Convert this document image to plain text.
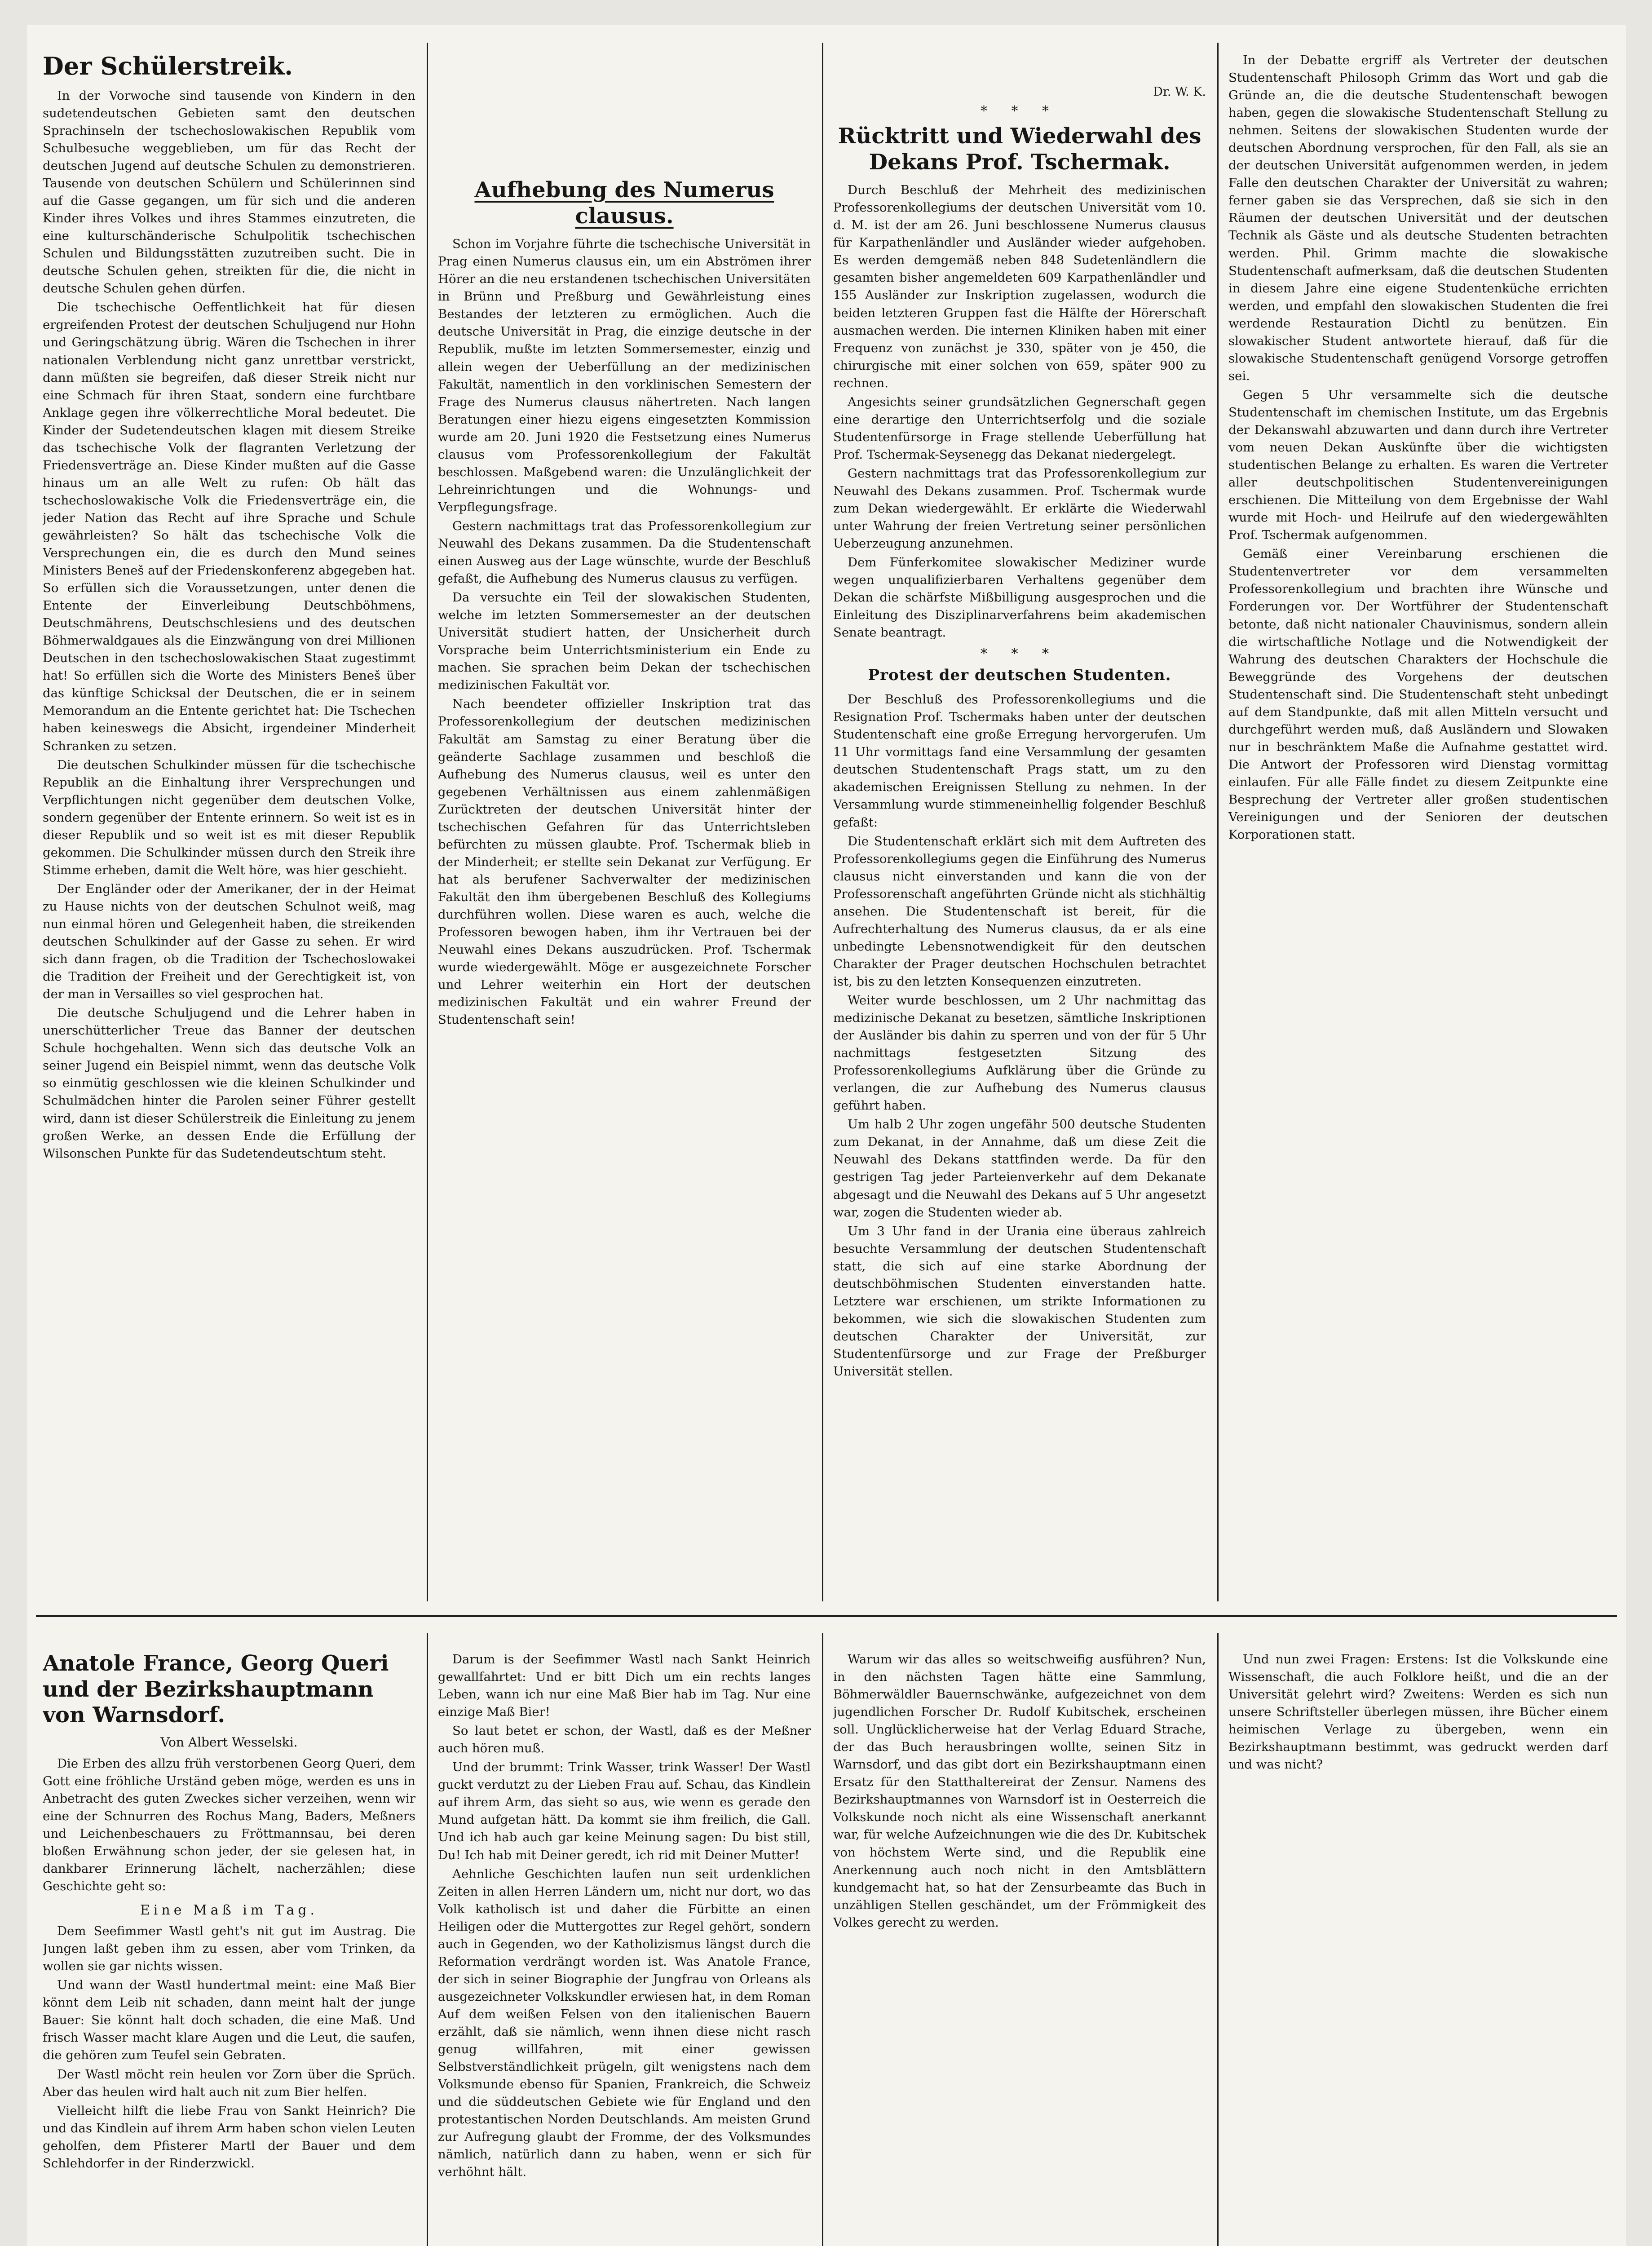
Der Schülerstreik.

In der Vorwoche sind tausende von Kindern in den sudetendeutschen Gebieten samt den deutschen Sprachinseln der tschechoslowakischen Republik vom Schulbesuche weggeblieben, um für das Recht der deutschen Jugend auf deutsche Schulen zu demonstrieren. Tausende von deutschen Schülern und Schülerinnen sind auf die Gasse gegangen, um für sich und die anderen Kinder ihres Volkes und ihres Stammes einzutreten, die eine kulturschänderische Schulpolitik tschechischen Schulen und Bildungsstätten zuzutreiben sucht. Die in deutsche Schulen gehen, streikten für die, die nicht in deutsche Schulen gehen dürfen.

Die tschechische Oeffentlichkeit hat für diesen ergreifenden Protest der deutschen Schuljugend nur Hohn und Geringschätzung übrig. Wären die Tschechen in ihrer nationalen Verblendung nicht ganz unrettbar verstrickt, dann müßten sie begreifen, daß dieser Streik nicht nur eine Schmach für ihren Staat, sondern eine furchtbare Anklage gegen ihre völkerrechtliche Moral bedeutet. Die Kinder der Sudetendeutschen klagen mit diesem Streike das tschechische Volk der flagranten Verletzung der Friedensverträge an. Diese Kinder mußten auf die Gasse hinaus um an alle Welt zu rufen: Ob hält das tschechoslowakische Volk die Friedensverträge ein, die jeder Nation das Recht auf ihre Sprache und Schule gewährleisten? So hält das tschechische Volk die Versprechungen ein, die es durch den Mund seines Ministers Beneš auf der Friedenskonferenz abgegeben hat. So erfüllen sich die Voraussetzungen, unter denen die Entente der Einverleibung Deutschböhmens, Deutschmährens, Deutschschlesiens und des deutschen Böhmerwaldgaues als die Einzwängung von drei Millionen Deutschen in den tschechoslowakischen Staat zugestimmt hat! So erfüllen sich die Worte des Ministers Beneš über das künftige Schicksal der Deutschen, die er in seinem Memorandum an die Entente gerichtet hat: Die Tschechen haben keineswegs die Absicht, irgendeiner Minderheit Schranken zu setzen.

Die deutschen Schulkinder müssen für die tschechische Republik an die Einhaltung ihrer Versprechungen und Verpflichtungen nicht gegenüber dem deutschen Volke, sondern gegenüber der Entente erinnern. So weit ist es in dieser Republik und so weit ist es mit dieser Republik gekommen. Die Schulkinder müssen durch den Streik ihre Stimme erheben, damit die Welt höre, was hier geschieht.

Der Engländer oder der Amerikaner, der in der Heimat zu Hause nichts von der deutschen Schulnot weiß, mag nun einmal hören und Gelegenheit haben, die streikenden deutschen Schulkinder auf der Gasse zu sehen. Er wird sich dann fragen, ob die Tradition der Tschechoslowakei die Tradition der Freiheit und der Gerechtigkeit ist, von der man in Versailles so viel gesprochen hat.

Die deutsche Schuljugend und die Lehrer haben in unerschütterlicher Treue das Banner der deutschen Schule hochgehalten. Wenn sich das deutsche Volk an seiner Jugend ein Beispiel nimmt, wenn das deutsche Volk so einmütig geschlossen wie die kleinen Schulkinder und Schulmädchen hinter die Parolen seiner Führer gestellt wird, dann ist dieser Schülerstreik die Einleitung zu jenem großen Werke, an dessen Ende die Erfüllung der Wilsonschen Punkte für das Sudetendeutschtum steht.

Aufhebung des Numerus clausus.

Schon im Vorjahre führte die tschechische Universität in Prag einen Numerus clausus ein, um ein Abströmen ihrer Hörer an die neu erstandenen tschechischen Universitäten in Brünn und Preßburg und Gewährleistung eines Bestandes der letzteren zu ermöglichen. Auch die deutsche Universität in Prag, die einzige deutsche in der Republik, mußte im letzten Sommersemester, einzig und allein wegen der Ueberfüllung an der medizinischen Fakultät, namentlich in den vorklinischen Semestern der Frage des Numerus clausus nähertreten. Nach langen Beratungen einer hiezu eigens eingesetzten Kommission wurde am 20. Juni 1920 die Festsetzung eines Numerus clausus vom Professorenkollegium der Fakultät beschlossen. Maßgebend waren: die Unzulänglichkeit der Lehreinrichtungen und die Wohnungs- und Verpflegungsfrage.

Gestern nachmittags trat das Professorenkollegium zur Neuwahl des Dekans zusammen. Da die Studentenschaft einen Ausweg aus der Lage wünschte, wurde der Beschluß gefaßt, die Aufhebung des Numerus clausus zu verfügen.

Da versuchte ein Teil der slowakischen Studenten, welche im letzten Sommersemester an der deutschen Universität studiert hatten, der Unsicherheit durch Vorsprache beim Unterrichtsministerium ein Ende zu machen. Sie sprachen beim Dekan der tschechischen medizinischen Fakultät vor.

Nach beendeter offizieller Inskription trat das Professorenkollegium der deutschen medizinischen Fakultät am Samstag zu einer Beratung über die geänderte Sachlage zusammen und beschloß die Aufhebung des Numerus clausus, weil es unter den gegebenen Verhältnissen aus einem zahlenmäßigen Zurücktreten der deutschen Universität hinter der tschechischen Gefahren für das Unterrichtsleben befürchten zu müssen glaubte. Prof. Tschermak blieb in der Minderheit; er stellte sein Dekanat zur Verfügung. Er hat als berufener Sachverwalter der medizinischen Fakultät den ihm übergebenen Beschluß des Kollegiums durchführen wollen. Diese waren es auch, welche die Professoren bewogen haben, ihm ihr Vertrauen bei der Neuwahl eines Dekans auszudrücken. Prof. Tschermak wurde wiedergewählt. Möge er ausgezeichnete Forscher und Lehrer weiterhin ein Hort der deutschen medizinischen Fakultät und ein wahrer Freund der Studentenschaft sein!

Dr. W. K.
* * *
Rücktritt und Wiederwahl des Dekans Prof. Tschermak.

Durch Beschluß der Mehrheit des medizinischen Professorenkollegiums der deutschen Universität vom 10. d. M. ist der am 26. Juni beschlossene Numerus clausus für Karpathenländler und Ausländer wieder aufgehoben. Es werden demgemäß neben 848 Sudetenländlern die gesamten bisher angemeldeten 609 Karpathenländler und 155 Ausländer zur Inskription zugelassen, wodurch die beiden letzteren Gruppen fast die Hälfte der Hörerschaft ausmachen werden. Die internen Kliniken haben mit einer Frequenz von zunächst je 330, später von je 450, die chirurgische mit einer solchen von 659, später 900 zu rechnen.

Angesichts seiner grundsätzlichen Gegnerschaft gegen eine derartige den Unterrichtserfolg und die soziale Studentenfürsorge in Frage stellende Ueberfüllung hat Prof. Tschermak-Seysenegg das Dekanat niedergelegt.

Gestern nachmittags trat das Professorenkollegium zur Neuwahl des Dekans zusammen. Prof. Tschermak wurde zum Dekan wiedergewählt. Er erklärte die Wiederwahl unter Wahrung der freien Vertretung seiner persönlichen Ueberzeugung anzunehmen.

Dem Fünferkomitee slowakischer Mediziner wurde wegen unqualifizierbaren Verhaltens gegenüber dem Dekan die schärfste Mißbilligung ausgesprochen und die Einleitung des Disziplinarverfahrens beim akademischen Senate beantragt.

* * *
Protest der deutschen Studenten.

Der Beschluß des Professorenkollegiums und die Resignation Prof. Tschermaks haben unter der deutschen Studentenschaft eine große Erregung hervorgerufen. Um 11 Uhr vormittags fand eine Versammlung der gesamten deutschen Studentenschaft Prags statt, um zu den akademischen Ereignissen Stellung zu nehmen. In der Versammlung wurde stimmeneinhellig folgender Beschluß gefaßt:

Die Studentenschaft erklärt sich mit dem Auftreten des Professorenkollegiums gegen die Einführung des Numerus clausus nicht einverstanden und kann die von der Professorenschaft angeführten Gründe nicht als stichhältig ansehen. Die Studentenschaft ist bereit, für die Aufrechterhaltung des Numerus clausus, da er als eine unbedingte Lebensnotwendigkeit für den deutschen Charakter der Prager deutschen Hochschulen betrachtet ist, bis zu den letzten Konsequenzen einzutreten.

Weiter wurde beschlossen, um 2 Uhr nachmittag das medizinische Dekanat zu besetzen, sämtliche Inskriptionen der Ausländer bis dahin zu sperren und von der für 5 Uhr nachmittags festgesetzten Sitzung des Professorenkollegiums Aufklärung über die Gründe zu verlangen, die zur Aufhebung des Numerus clausus geführt haben.

Um halb 2 Uhr zogen ungefähr 500 deutsche Studenten zum Dekanat, in der Annahme, daß um diese Zeit die Neuwahl des Dekans stattfinden werde. Da für den gestrigen Tag jeder Parteienverkehr auf dem Dekanate abgesagt und die Neuwahl des Dekans auf 5 Uhr angesetzt war, zogen die Studenten wieder ab.

Um 3 Uhr fand in der Urania eine überaus zahlreich besuchte Versammlung der deutschen Studentenschaft statt, die sich auf eine starke Abordnung der deutschböhmischen Studenten einverstanden hatte. Letztere war erschienen, um strikte Informationen zu bekommen, wie sich die slowakischen Studenten zum deutschen Charakter der Universität, zur Studentenfürsorge und zur Frage der Preßburger Universität stellen.

In der Debatte ergriff als Vertreter der deutschen Studentenschaft Philosoph Grimm das Wort und gab die Gründe an, die die deutsche Studentenschaft bewogen haben, gegen die slowakische Studentenschaft Stellung zu nehmen. Seitens der slowakischen Studenten wurde der deutschen Abordnung versprochen, für den Fall, als sie an der deutschen Universität aufgenommen werden, in jedem Falle den deutschen Charakter der Universität zu wahren; ferner gaben sie das Versprechen, daß sie sich in den Räumen der deutschen Universität und der deutschen Technik als Gäste und als deutsche Studenten betrachten werden. Phil. Grimm machte die slowakische Studentenschaft aufmerksam, daß die deutschen Studenten in diesem Jahre eine eigene Studentenküche errichten werden, und empfahl den slowakischen Studenten die frei werdende Restauration Dichtl zu benützen. Ein slowakischer Student antwortete hierauf, daß für die slowakische Studentenschaft genügend Vorsorge getroffen sei.

Gegen 5 Uhr versammelte sich die deutsche Studentenschaft im chemischen Institute, um das Ergebnis der Dekanswahl abzuwarten und dann durch ihre Vertreter vom neuen Dekan Auskünfte über die wichtigsten studentischen Belange zu erhalten. Es waren die Vertreter aller deutschpolitischen Studentenvereinigungen erschienen. Die Mitteilung von dem Ergebnisse der Wahl wurde mit Hoch- und Heilrufe auf den wiedergewählten Prof. Tschermak aufgenommen.

Gemäß einer Vereinbarung erschienen die Studentenvertreter vor dem versammelten Professorenkollegium und brachten ihre Wünsche und Forderungen vor. Der Wortführer der Studentenschaft betonte, daß nicht nationaler Chauvinismus, sondern allein die wirtschaftliche Notlage und die Notwendigkeit der Wahrung des deutschen Charakters der Hochschule die Beweggründe des Vorgehens der deutschen Studentenschaft sind. Die Studentenschaft steht unbedingt auf dem Standpunkte, daß mit allen Mitteln versucht und durchgeführt werden muß, daß Ausländern und Slowaken nur in beschränktem Maße die Aufnahme gestattet wird. Die Antwort der Professoren wird Dienstag vormittag einlaufen. Für alle Fälle findet zu diesem Zeitpunkte eine Besprechung der Vertreter aller großen studentischen Vereinigungen und der Senioren der deutschen Korporationen statt.

Anatole France, Georg Queri und der Bezirkshauptmann von Warnsdorf.
Von Albert Wesselski.

Die Erben des allzu früh verstorbenen Georg Queri, dem Gott eine fröhliche Urständ geben möge, werden es uns in Anbetracht des guten Zweckes sicher verzeihen, wenn wir eine der Schnurren des Rochus Mang, Baders, Meßners und Leichenbeschauers zu Fröttmannsau, bei deren bloßen Erwähnung schon jeder, der sie gelesen hat, in dankbarer Erinnerung lächelt, nacherzählen; diese Geschichte geht so:

Eine Maß im Tag.

Dem Seefimmer Wastl geht's nit gut im Austrag. Die Jungen laßt geben ihm zu essen, aber vom Trinken, da wollen sie gar nichts wissen.

Und wann der Wastl hundertmal meint: eine Maß Bier könnt dem Leib nit schaden, dann meint halt der junge Bauer: Sie könnt halt doch schaden, die eine Maß. Und frisch Wasser macht klare Augen und die Leut, die saufen, die gehören zum Teufel sein Gebraten.

Der Wastl möcht rein heulen vor Zorn über die Sprüch. Aber das heulen wird halt auch nit zum Bier helfen.

Vielleicht hilft die liebe Frau von Sankt Heinrich? Die und das Kindlein auf ihrem Arm haben schon vielen Leuten geholfen, dem Pfisterer Martl der Bauer und dem Schlehdorfer in der Rinderzwickl.

Darum is der Seefimmer Wastl nach Sankt Heinrich gewallfahrtet: Und er bitt Dich um ein rechts langes Leben, wann ich nur eine Maß Bier hab im Tag. Nur eine einzige Maß Bier!

So laut betet er schon, der Wastl, daß es der Meßner auch hören muß.

Und der brummt: Trink Wasser, trink Wasser! Der Wastl guckt verdutzt zu der Lieben Frau auf. Schau, das Kindlein auf ihrem Arm, das sieht so aus, wie wenn es gerade den Mund aufgetan hätt. Da kommt sie ihm freilich, die Gall. Und ich hab auch gar keine Meinung sagen: Du bist still, Du! Ich hab mit Deiner geredt, ich rid mit Deiner Mutter!

Aehnliche Geschichten laufen nun seit urdenklichen Zeiten in allen Herren Ländern um, nicht nur dort, wo das Volk katholisch ist und daher die Fürbitte an einen Heiligen oder die Muttergottes zur Regel gehört, sondern auch in Gegenden, wo der Katholizismus längst durch die Reformation verdrängt worden ist. Was Anatole France, der sich in seiner Biographie der Jungfrau von Orleans als ausgezeichneter Volkskundler erwiesen hat, in dem Roman Auf dem weißen Felsen von den italienischen Bauern erzählt, daß sie nämlich, wenn ihnen diese nicht rasch genug willfahren, mit einer gewissen Selbstverständlichkeit prügeln, gilt wenigstens nach dem Volksmunde ebenso für Spanien, Frankreich, die Schweiz und die süddeutschen Gebiete wie für England und den protestantischen Norden Deutschlands. Am meisten Grund zur Aufregung glaubt der Fromme, der des Volksmundes nämlich, natürlich dann zu haben, wenn er sich für verhöhnt hält.

Warum wir das alles so weitschweifig ausführen? Nun, in den nächsten Tagen hätte eine Sammlung, Böhmerwäldler Bauernschwänke, aufgezeichnet von dem jugendlichen Forscher Dr. Rudolf Kubitschek, erscheinen soll. Unglücklicherweise hat der Verlag Eduard Strache, der das Buch herausbringen wollte, seinen Sitz in Warnsdorf, und das gibt dort ein Bezirkshauptmann einen Ersatz für den Statthaltereirat der Zensur. Namens des Bezirkshauptmannes von Warnsdorf ist in Oesterreich die Volkskunde noch nicht als eine Wissenschaft anerkannt war, für welche Aufzeichnungen wie die des Dr. Kubitschek von höchstem Werte sind, und die Republik eine Anerkennung auch noch nicht in den Amtsblättern kundgemacht hat, so hat der Zensurbeamte das Buch in unzähligen Stellen geschändet, um der Frömmigkeit des Volkes gerecht zu werden.

Und nun zwei Fragen: Erstens: Ist die Volkskunde eine Wissenschaft, die auch Folklore heißt, und die an der Universität gelehrt wird? Zweitens: Werden es sich nun unsere Schriftsteller überlegen müssen, ihre Bücher einem heimischen Verlage zu übergeben, wenn ein Bezirkshauptmann bestimmt, was gedruckt werden darf und was nicht?
